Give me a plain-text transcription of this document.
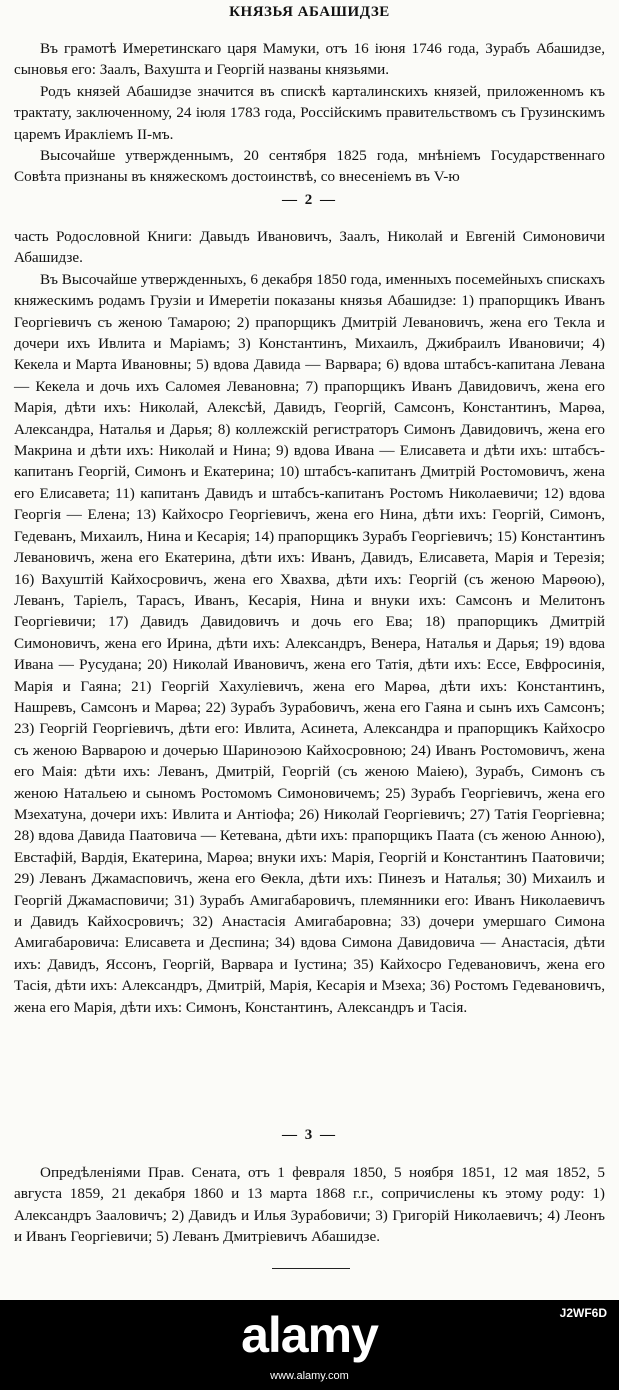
КНЯЗЬЯ АБАШИДЗЕ

Въ грамотѣ Имеретинскаго царя Мамуки, отъ 16 іюня 1746 года, Зурабъ Абашидзе, сыновья его: Заалъ, Вахушта и Георгій названы князьями.

Родъ князей Абашидзе значится въ спискѣ карталинскихъ князей, приложенномъ къ трактату, заключенному, 24 іюля 1783 года, Россійскимъ правительствомъ съ Грузинскимъ царемъ Иракліемъ II-мъ.

Высочайше утвержденнымъ, 20 сентября 1825 года, мнѣніемъ Государственнаго Совѣта признаны въ княжескомъ достоинствѣ, со внесеніемъ въ V-ю

— 2 —

часть Родословной Книги: Давыдъ Ивановичъ, Заалъ, Николай и Евгеній Симоновичи Абашидзе.

Въ Высочайше утвержденныхъ, 6 декабря 1850 года, именныхъ посемейныхъ спискахъ княжескимъ родамъ Грузіи и Имеретіи показаны князья Абашидзе: 1) прапорщикъ Иванъ Георгіевичъ съ женою Тамарою; 2) прапорщикъ Дмитрій Левановичъ, жена его Текла и дочери ихъ Ивлита и Маріамъ; 3) Константинъ, Михаилъ, Джибраилъ Ивановичи; 4) Кекела и Марта Ивановны; 5) вдова Давида — Варвара; 6) вдова штабсъ-капитана Левана — Кекела и дочь ихъ Саломея Левановна; 7) прапорщикъ Иванъ Давидовичъ, жена его Марія, дѣти ихъ: Николай, Алексѣй, Давидъ, Георгій, Самсонъ, Константинъ, Марѳа, Александра, Наталья и Дарья; 8) коллежскій регистраторъ Симонъ Давидовичъ, жена его Макрина и дѣти ихъ: Николай и Нина; 9) вдова Ивана — Елисавета и дѣти ихъ: штабсъ-капитанъ Георгій, Симонъ и Екатерина; 10) штабсъ-капитанъ Дмитрій Ростомовичъ, жена его Елисавета; 11) капитанъ Давидъ и штабсъ-капитанъ Ростомъ Николаевичи; 12) вдова Георгія — Елена; 13) Кайхосро Георгіевичъ, жена его Нина, дѣти ихъ: Георгій, Симонъ, Гедеванъ, Михаилъ, Нина и Кесарія; 14) прапорщикъ Зурабъ Георгіевичъ; 15) Константинъ Левановичъ, жена его Екатерина, дѣти ихъ: Иванъ, Давидъ, Елисавета, Марія и Терезія; 16) Вахуштій Кайхосровичъ, жена его Хвахва, дѣти ихъ: Георгій (съ женою Марѳою), Леванъ, Таріелъ, Тарасъ, Иванъ, Кесарія, Нина и внуки ихъ: Самсонъ и Мелитонъ Георгіевичи; 17) Давидъ Давидовичъ и дочь его Ева; 18) прапорщикъ Дмитрій Симоновичъ, жена его Ирина, дѣти ихъ: Александръ, Венера, Наталья и Дарья; 19) вдова Ивана — Русудана; 20) Николай Ивановичъ, жена его Татія, дѣти ихъ: Ессе, Евфросинія, Марія и Гаяна; 21) Георгій Хахуліевичъ, жена его Марѳа, дѣти ихъ: Константинъ, Нашревъ, Самсонъ и Марѳа; 22) Зурабъ Зурабовичъ, жена его Гаяна и сынъ ихъ Самсонъ; 23) Георгій Георгіевичъ, дѣти его: Ивлита, Асинета, Александра и прапорщикъ Кайхосро съ женою Варварою и дочерью Шариноэою Кайхосровною; 24) Иванъ Ростомовичъ, жена его Маія: дѣти ихъ: Леванъ, Дмитрій, Георгій (съ женою Маіею), Зурабъ, Симонъ съ женою Натальею и сыномъ Ростомомъ Симоновичемъ; 25) Зурабъ Георгіевичъ, жена его Мзехатуна, дочери ихъ: Ивлита и Антіофа; 26) Николай Георгіевичъ; 27) Татія Георгіевна; 28) вдова Давида Паатовича — Кетевана, дѣти ихъ: прапорщикъ Паата (съ женою Анною), Евстафій, Вардія, Екатерина, Марѳа; внуки ихъ: Марія, Георгій и Константинъ Паатовичи; 29) Леванъ Джамасповичъ, жена его Ѳекла, дѣти ихъ: Пинезъ и Наталья; 30) Михаилъ и Георгій Джамасповичи; 31) Зурабъ Амигабаровичъ, племянники его: Иванъ Николаевичъ и Давидъ Кайхосровичъ; 32) Анастасія Амигабаровна; 33) дочери умершаго Симона Амигабаровича: Елисавета и Деспина; 34) вдова Симона Давидовича — Анастасія, дѣти ихъ: Давидъ, Яссонъ, Георгій, Варвара и Іустина; 35) Кайхосро Гедевановичъ, жена его Тасія, дѣти ихъ: Александръ, Дмитрій, Марія, Кесарія и Мзеха; 36) Ростомъ Гедевановичъ, жена его Марія, дѣти ихъ: Симонъ, Константинъ, Александръ и Тасія.

— 3 —

Опредѣленіями Прав. Сената, отъ 1 февраля 1850, 5 ноября 1851, 12 мая 1852, 5 августа 1859, 21 декабря 1860 и 13 марта 1868 г.г., сопричислены къ этому роду: 1) Александръ Заaловичъ; 2) Давидъ и Илья Зурабовичи; 3) Григорій Николаевичъ; 4) Леонъ и Иванъ Георгіевичи; 5) Леванъ Дмитріевичъ Абашидзе.

alamy	J2WF6D
www.alamy.com
